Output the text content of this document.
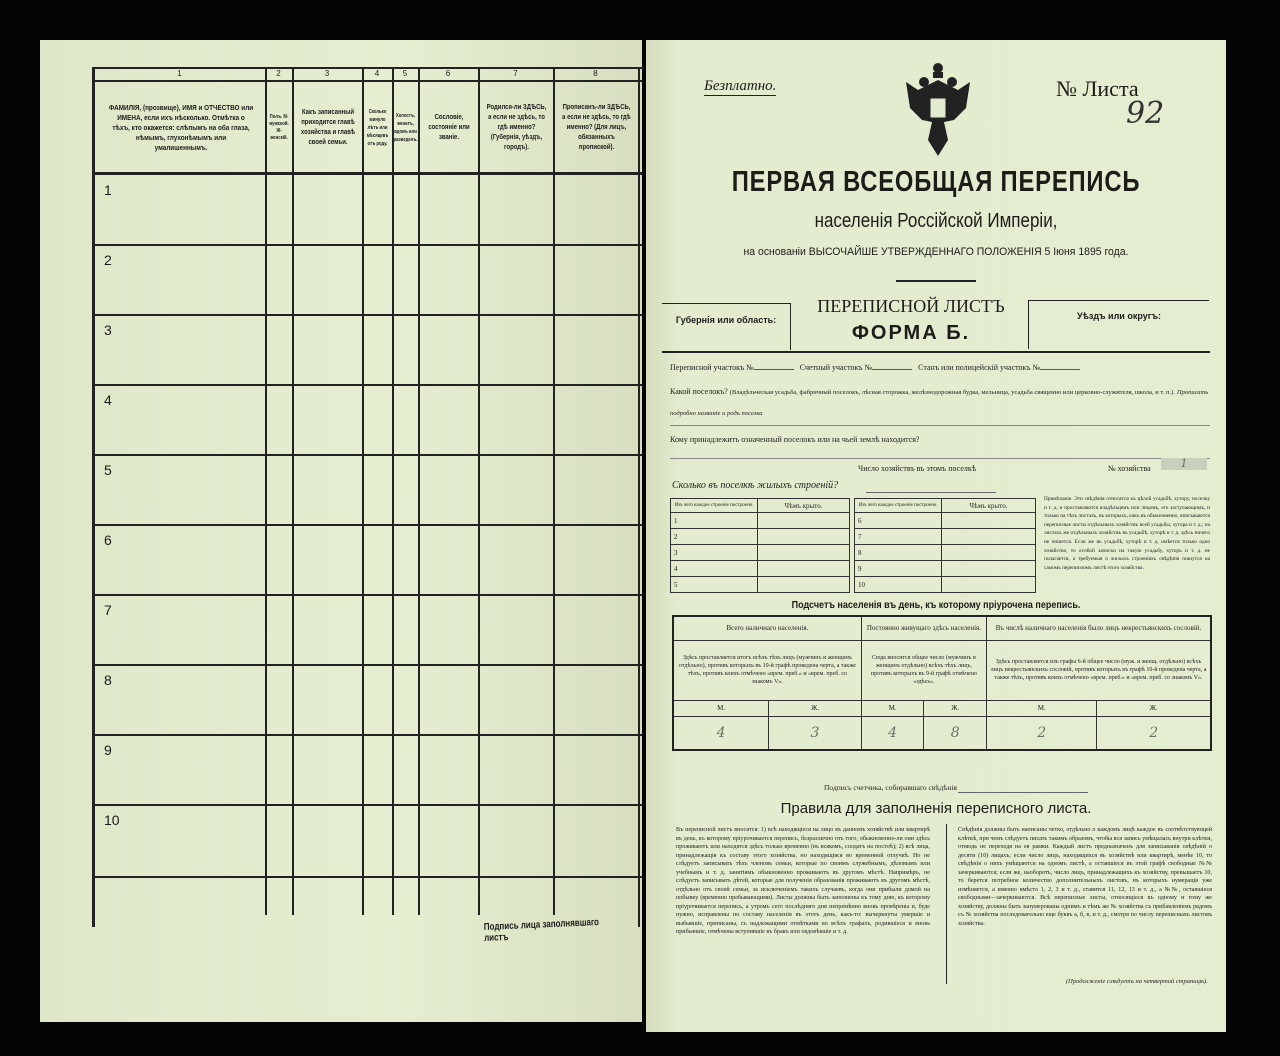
1	2	3	4	5	6	7	8
ФАМИЛІЯ, (прозвище), ИМЯ и ОТЧЕСТВО или ИМЕНА, если ихъ нѣсколько. Отмѣтка о тѣхъ, кто окажется: слѣпымъ на оба глаза, нѣмымъ, глухонѣмымъ или умалишеннымъ.
Полъ. М-мужской. Ж-женскій.
Какъ записанный приходится главѣ хозяйства и главѣ своей семьи.
Сколько минуло лѣтъ или мѣсяцевъ отъ роду.
Холостъ, женатъ, вдовъ или разведенъ.
Сословіе, состояніе или званіе.
Родился-ли ЗДѢСЬ, а если не здѣсь, то гдѣ именно? (Губернія, уѣздъ, городъ).
Прописанъ-ли ЗДѢСЬ, а если не здѣсь, то гдѣ именно? (Для лицъ, обязанныхъ пропиской).
1
2
3
4
5
6
7
8
9
10
Подпись лица заполнявшаго листъ
Безплатно.	№ Листа
92
ПЕРВАЯ ВСЕОБЩАЯ ПЕРЕПИСЬ
населенія Россійской Имперіи,
на основаніи ВЫСОЧАЙШЕ УТВЕРЖДЕННАГО ПОЛОЖЕНІЯ 5 Іюня 1895 года.
Губернія или область:
ПЕРЕПИСНОЙ ЛИСТЪ
ФОРМА Б.
Уѣздъ или округъ:
Переписной участокъ №	Счетный участокъ №	Станъ или полицейскій участокъ №
Какой поселокъ? (Владѣльческая усадьба, фабричный поселокъ, лѣсная сторожка, желѣзнодорожная будка, мельница, усадьба священно или церковно-служителя, школа, и т. п.). Прописать подробно названіе и родъ поселка
Кому принадлежитъ означенный поселокъ или на чьей землѣ находится?
Число хозяйствъ въ этомъ поселкѣ	№ хозяйства	1
Сколько въ поселкѣ жилыхъ строеній?
Изъ чего каждое строеніе построено.	Чѣмъ крыто.
1	
2	
3	
4	
5	
Изъ чего каждое строеніе построено.	Чѣмъ крыто.
6	
7	
8	
9	
10	
Примѣчаніе. Эти свѣдѣнія относятся къ цѣлой усадьбѣ, хутору, поселку и т. д. и проставляются владѣльцемъ или лицомъ, его заступающимъ, и только на тѣхъ листахъ, въ которыхъ, какъ въ обыкновенно, вписываются переписные листы отдѣльныхъ хозяйствъ всей усадьбы, хутора и т. д.; на листахъ же отдѣльныхъ хозяйствъ въ усадьбѣ, хуторѣ и т. д. здѣсь ничего не пишется. Если же въ усадьбѣ, хуторѣ и т. д. имѣется только одно хозяйство, то особой записки на такую усадьбу, хуторъ и т. д. не полагается, а требуемыя о жилыхъ строеніяхъ свѣдѣнія пишутся на самомъ переписномъ листѣ этого хозяйства.
Подсчетъ населенія въ день, къ которому пріурочена перепись.
Всего наличнаго населенія.		Постоянно живущаго здѣсь населенія.		Въ числѣ наличнаго населенія было лицъ некрестьянскихъ сословій.	
Здѣсь проставляется итогъ всѣхъ тѣхъ лицъ (мужчинъ и женщинъ отдѣльно), противъ которыхъ въ 10-й графѣ проведена черта, а также тѣхъ, противъ коихъ отмѣчено «врем. преб.» и «врем. преб. со знакомъ V».		Сюда вносится общее число (мужчинъ и женщинъ отдѣльно) всѣхъ тѣхъ лицъ, противъ которыхъ въ 9-й графѣ отмѣчено «здѣсь».		Здѣсь проставляется изъ графы 6-й общее число (муж. и женщ. отдѣльно) всѣхъ лицъ некрестьянскихъ сословій, противъ которыхъ въ графѣ 10-й проведена черта, а также тѣхъ, противъ коихъ отмѣчено «врем. преб.» и «врем. преб. со знакомъ V».	
М.	Ж.	М.	Ж.	М.	Ж.
4	3	4	8	2	2
Подпись счетчика, собиравшаго свѣдѣнія
Правила для заполненія переписного листа.
Въ переписной листъ вносятся: 1) всѣ находящіеся на лицо въ данномъ хозяйствѣ или квартирѣ въ день, къ которому пріурочивается перепись, безразлично отъ того, обыкновенно-ли они здѣсь проживаютъ или находятся здѣсь только временно (въ всякомъ, солдатъ на постоѣ); 2) всѣ лица, принадлежащія къ составу этого хозяйства, но находящіяся во временной отлучкѣ. Но не слѣдуетъ записывать тѣхъ членовъ семьи, которые по своимъ служебнымъ, дѣловымъ или учебнымъ и т. д. занятіямъ обыкновенно проживаютъ въ другомъ мѣстѣ. Напримѣръ, не слѣдуетъ записывать дѣтей, которые для полученія образованія проживаютъ въ другомъ мѣстѣ, отдѣльно отъ своей семьи, за исключеніемъ такихъ случаевъ, когда они прибыли домой на побывку (временно пребывающими). Листы должны быть заполнены къ тому дню, къ которому пріурочивается перепись, а утромъ сего послѣдняго дня непремѣнно вновь провѣрены и, буде нужно, исправлены по составу населенія въ этотъ день, какъ-то: вычеркнуты умершіе и выбывшіе, приписаны, съ надлежащими отмѣтками во всѣхъ графахъ, родившіеся и вновь прибывшіе, отмѣчены вступившіе въ бракъ или овдовѣвшіе и т. д.
Свѣдѣнія должны быть написаны четко, отдѣльно о каждомъ лицѣ каждое въ соотвѣтствующей клѣткѣ, при чемъ слѣдуетъ писать такимъ образомъ, чтобы вся запись умѣщалась внутри клѣтки, отнюдь не переходя на ея рамки. Каждый листъ предназначенъ для записыванія свѣдѣній о десяти (10) лицахъ; если число лицъ, находящихся въ хозяйствѣ или квартирѣ, менѣе 10, то свѣдѣнія о нихъ умѣщаются на одномъ листѣ, а оставшіеся въ этой графѣ свободные №№ зачеркиваются; если же, наоборотъ, число лицъ, принадлежащихъ къ хозяйству, превышаетъ 10, то берется потребное количество дополнительныхъ листовъ, въ которыхъ нумерація уже измѣняется, а именно вмѣсто 1, 2, 3 и т. д., ставится 11, 12, 13 и т. д., а №№, оставшіеся свободными—зачеркиваются. Всѣ переписные листы, относящіеся къ одному и тому же хозяйству, должны быть занумерованы однимъ и тѣмъ же № хозяйства съ прибавленіемъ рядомъ съ № хозяйства последовательно еще буквъ а, б, в, и т. д., смотря по числу переписныхъ листовъ хозяйства.
(Продолженіе слѣдуетъ на четвертой страницѣ).
